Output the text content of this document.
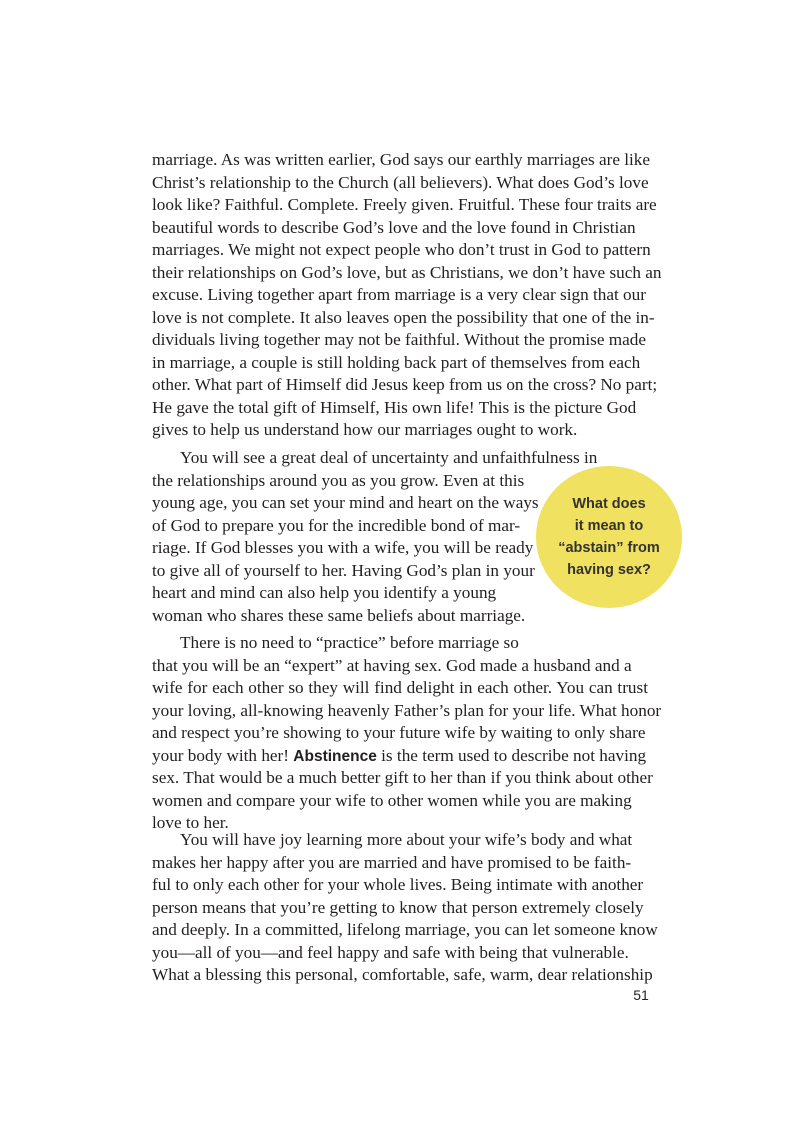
marriage. As was written earlier, God says our earthly marriages are like
Christ’s relationship to the Church (all believers). What does God’s love
look like? Faithful. Complete. Freely given. Fruitful. These four traits are
beautiful words to describe God’s love and the love found in Christian
marriages. We might not expect people who don’t trust in God to pattern
their relationships on God’s love, but as Christians, we don’t have such an
excuse. Living together apart from marriage is a very clear sign that our
love is not complete. It also leaves open the possibility that one of the in-
dividuals living together may not be faithful. Without the promise made
in marriage, a couple is still holding back part of themselves from each
other. What part of Himself did Jesus keep from us on the cross? No part;
He gave the total gift of Himself, His own life! This is the picture God
gives to help us understand how our marriages ought to work.
You will see a great deal of uncertainty and unfaithfulness in
the relationships around you as you grow. Even at this
young age, you can set your mind and heart on the ways
of God to prepare you for the incredible bond of mar-
riage. If God blesses you with a wife, you will be ready
to give all of yourself to her. Having God’s plan in your
heart and mind can also help you identify a young
woman who shares these same beliefs about marriage.
What does
it mean to
“abstain” from
having sex?
There is no need to “practice” before marriage so
that you will be an “expert” at having sex. God made a husband and a
wife for each other so they will find delight in each other. You can trust
your loving, all-knowing heavenly Father’s plan for your life. What honor
and respect you’re showing to your future wife by waiting to only share
your body with her! Abstinence is the term used to describe not having
sex. That would be a much better gift to her than if you think about other
women and compare your wife to other women while you are making
love to her.
You will have joy learning more about your wife’s body and what
makes her happy after you are married and have promised to be faith-
ful to only each other for your whole lives. Being intimate with another
person means that you’re getting to know that person extremely closely
and deeply. In a committed, lifelong marriage, you can let someone know
you—all of you—and feel happy and safe with being that vulnerable.
What a blessing this personal, comfortable, safe, warm, dear relationship
51
